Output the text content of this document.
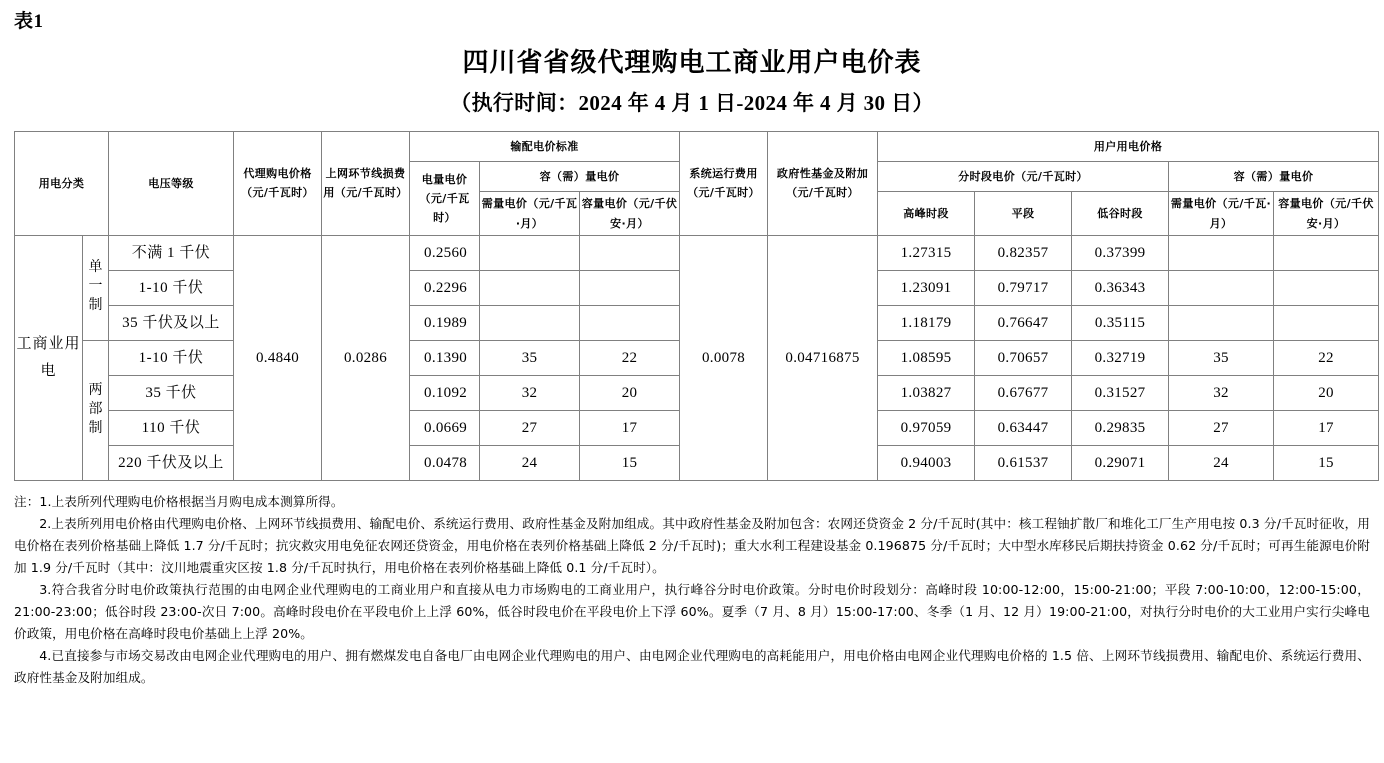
表1
四川省省级代理购电工商业用户电价表
（执行时间：2024 年 4 月 1 日-2024 年 4 月 30 日）
用电分类		电压等级	代理购电价格（元/千瓦时）	上网环节线损费用（元/千瓦时）	输配电价标准			系统运行费用（元/千瓦时）	政府性基金及附加（元/千瓦时）	用户用电价格				
					电量电价（元/千瓦时）	容（需）量电价				分时段电价（元/千瓦时）			容（需）量电价	
						需量电价（元/千瓦·月）	容量电价（元/千伏安·月）			高峰时段	平段	低谷时段	需量电价（元/千瓦·月）	容量电价（元/千伏安·月）
工商业用电	单一制	不满 1 千伏	0.4840	0.0286	0.2560			0.0078	0.04716875	1.27315	0.82357	0.37399		
		1-10 千伏			0.2296					1.23091	0.79717	0.36343		
		35 千伏及以上			0.1989					1.18179	0.76647	0.35115		

	两部制	1-10 千伏			0.1390	35	22			1.08595	0.70657	0.32719	35	22
		35 千伏			0.1092	32	20			1.03827	0.67677	0.31527	32	20
		110 千伏			0.0669	27	17			0.97059	0.63447	0.29835	27	17
		220 千伏及以上			0.0478	24	15			0.94003	0.61537	0.29071	24	15

注：1.上表所列代理购电价格根据当月购电成本测算所得。

2.上表所列用电价格由代理购电价格、上网环节线损费用、输配电价、系统运行费用、政府性基金及附加组成。其中政府性基金及附加包含：农网还贷资金 2 分/千瓦时(其中：核工程铀扩散厂和堆化工厂生产用电按 0.3 分/千瓦时征收，用电价格在表列价格基础上降低 1.7 分/千瓦时；抗灾救灾用电免征农网还贷资金，用电价格在表列价格基础上降低 2 分/千瓦时)；重大水利工程建设基金 0.196875 分/千瓦时；大中型水库移民后期扶持资金 0.62 分/千瓦时；可再生能源电价附加 1.9 分/千瓦时（其中：汶川地震重灾区按 1.8 分/千瓦时执行，用电价格在表列价格基础上降低 0.1 分/千瓦时）。

3.符合我省分时电价政策执行范围的由电网企业代理购电的工商业用户和直接从电力市场购电的工商业用户，执行峰谷分时电价政策。分时电价时段划分：高峰时段 10:00-12:00，15:00-21:00；平段 7:00-10:00，12:00-15:00，21:00-23:00；低谷时段 23:00-次日 7:00。高峰时段电价在平段电价上上浮 60%，低谷时段电价在平段电价上下浮 60%。夏季（7 月、8 月）15:00-17:00、冬季（1 月、12 月）19:00-21:00，对执行分时电价的大工业用户实行尖峰电价政策，用电价格在高峰时段电价基础上上浮 20%。

4.已直接参与市场交易改由电网企业代理购电的用户、拥有燃煤发电自备电厂由电网企业代理购电的用户、由电网企业代理购电的高耗能用户，用电价格由电网企业代理购电价格的 1.5 倍、上网环节线损费用、输配电价、系统运行费用、政府性基金及附加组成。
